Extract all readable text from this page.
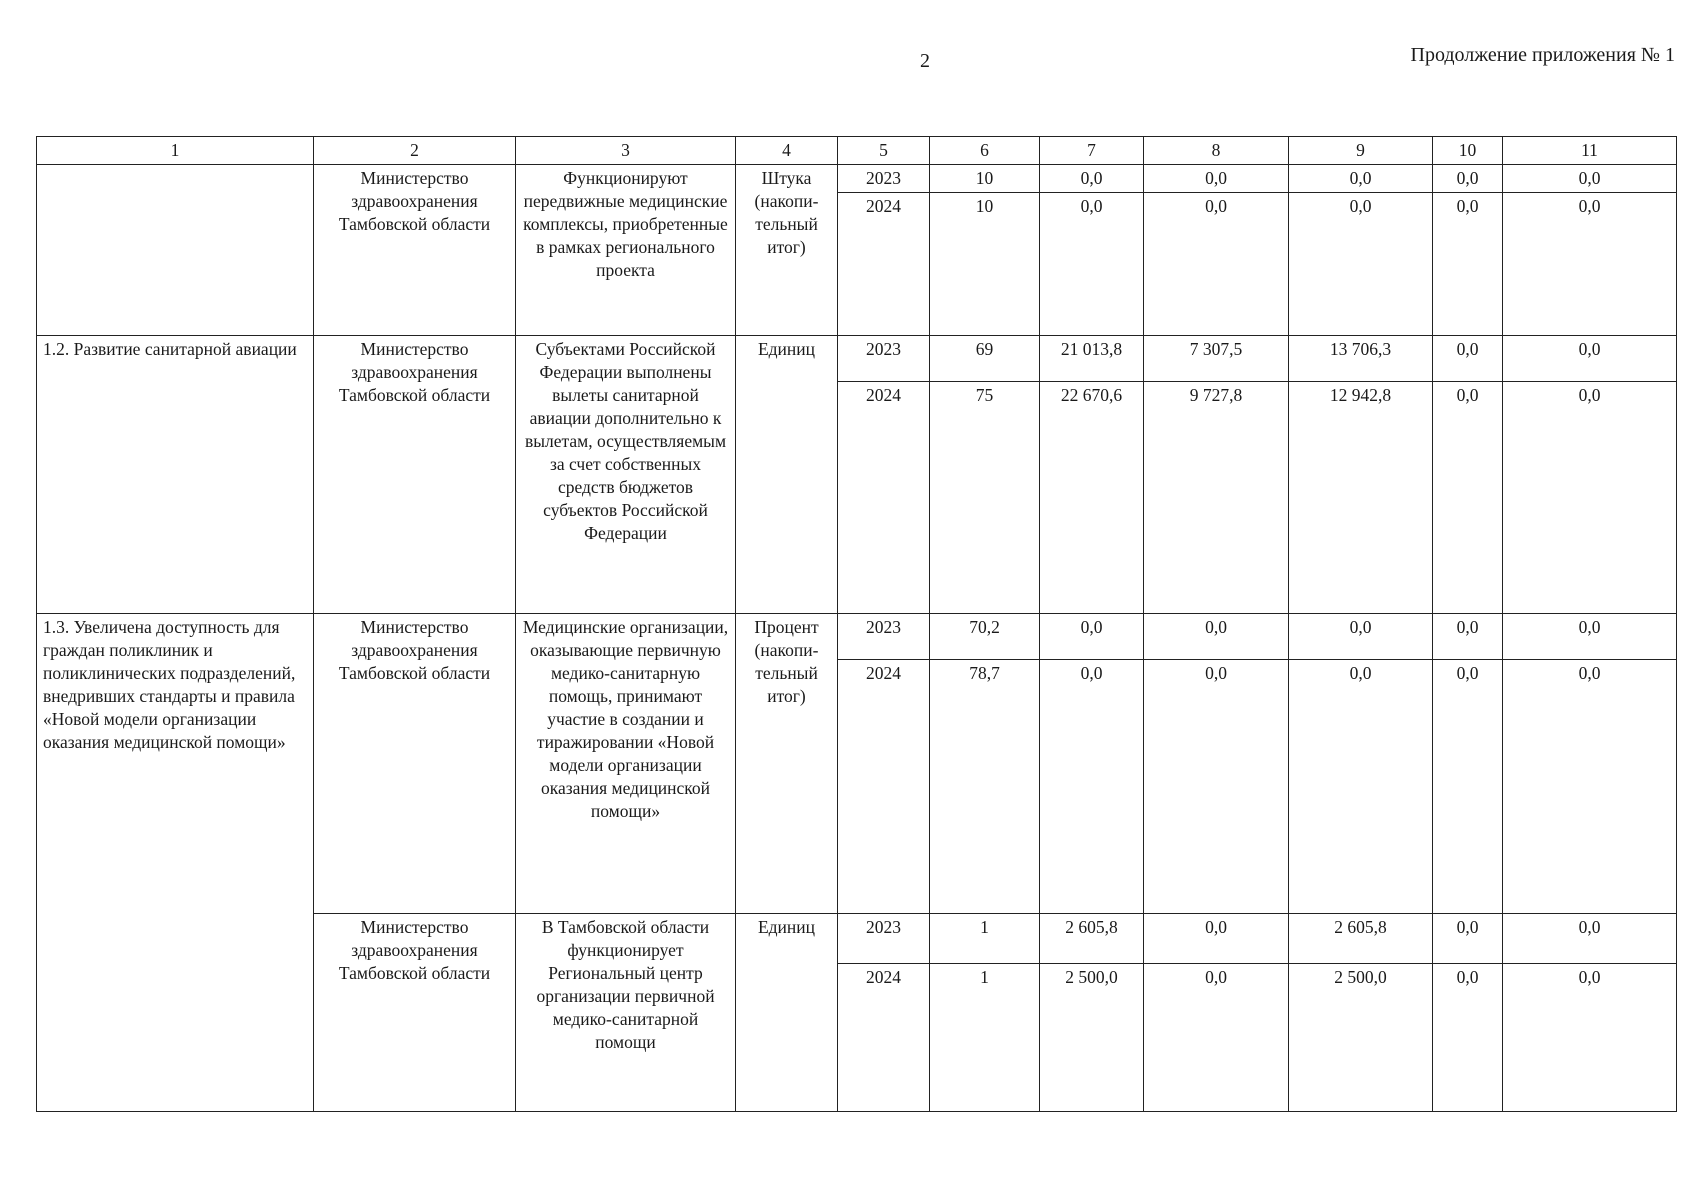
2	Продолжение приложения № 1
1	2	3	4	5	6	7	8	9	10	11
	Министерство здравоохранения Тамбовской области	Функционируют передвижные медицинские комплексы, приобретенные в рамках регионального проекта	Штука (накопи-тельный итог)	2023	10	0,0	0,0	0,0	0,0	0,0
				2024	10	0,0	0,0	0,0	0,0	0,0
1.2. Развитие санитарной авиации	Министерство здравоохранения Тамбовской области	Субъектами Российской Федерации выполнены вылеты санитарной авиации дополнительно к вылетам, осуществляемым за счет собственных средств бюджетов субъектов Российской Федерации	Единиц	2023	69	21 013,8	7 307,5	13 706,3	0,0	0,0
				2024	75	22 670,6	9 727,8	12 942,8	0,0	0,0
1.3. Увеличена доступность для граждан поликлиник и поликлинических подразделений, внедривших стандарты и правила «Новой модели организации оказания медицинской помощи»	Министерство здравоохранения Тамбовской области	Медицинские организации, оказывающие первичную медико-санитарную помощь, принимают участие в создании и тиражировании «Новой модели организации оказания медицинской помощи»	Процент (накопи-тельный итог)	2023	70,2	0,0	0,0	0,0	0,0	0,0
				2024	78,7	0,0	0,0	0,0	0,0	0,0
	Министерство здравоохранения Тамбовской области	В Тамбовской области функционирует Региональный центр организации первичной медико-санитарной помощи	Единиц	2023	1	2 605,8	0,0	2 605,8	0,0	0,0
				2024	1	2 500,0	0,0	2 500,0	0,0	0,0
